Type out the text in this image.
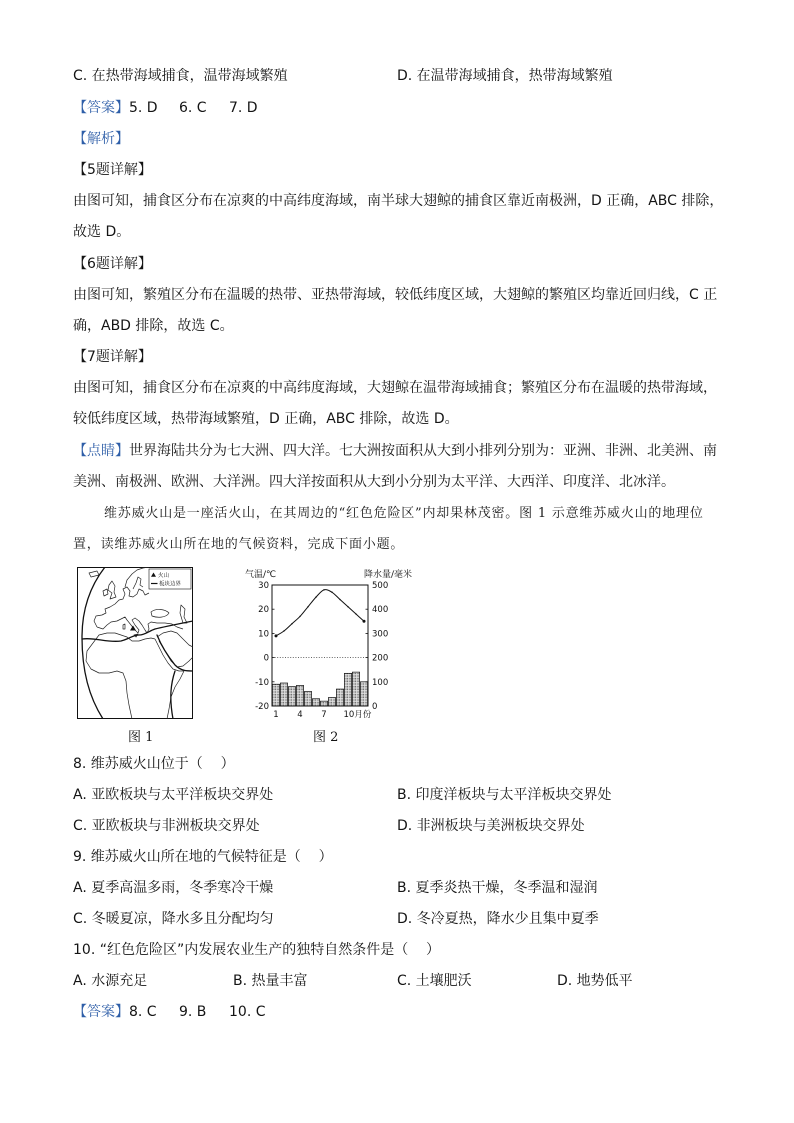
C. 在热带海域捕食，温带海域繁殖	D. 在温带海域捕食，热带海域繁殖
【答案】5. D 6. C 7. D
【解析】
【5题详解】
由图可知，捕食区分布在凉爽的中高纬度海域，南半球大翅鲸的捕食区靠近南极洲，D 正确，ABC 排除，
故选 D。
【6题详解】
由图可知，繁殖区分布在温暖的热带、亚热带海域，较低纬度区域，大翅鲸的繁殖区均靠近回归线，C 正
确，ABD 排除，故选 C。
【7题详解】
由图可知，捕食区分布在凉爽的中高纬度海域，大翅鲸在温带海域捕食；繁殖区分布在温暖的热带海域，
较低纬度区域，热带海域繁殖，D 正确，ABC 排除，故选 D。
【点睛】世界海陆共分为七大洲、四大洋。七大洲按面积从大到小排列分别为：亚洲、非洲、北美洲、南
美洲、南极洲、欧洲、大洋洲。四大洋按面积从大到小分别为太平洋、大西洋、印度洋、北冰洋。
维苏威火山是一座活火山，在其周边的“红色危险区”内却果林茂密。图 1 示意维苏威火山的地理位
置，读维苏威火山所在地的气候资料，完成下面小题。
火山
板块边界
气温/℃	降水量/毫米
30
20
10
0
-10
-20
500
400
300
200
100
0
1 4 7 10月份
图 1	图 2
8. 维苏威火山位于（    ）
A. 亚欧板块与太平洋板块交界处	B. 印度洋板块与太平洋板块交界处
C. 亚欧板块与非洲板块交界处	D. 非洲板块与美洲板块交界处
9. 维苏威火山所在地的气候特征是（    ）
A. 夏季高温多雨，冬季寒冷干燥	B. 夏季炎热干燥，冬季温和湿润
C. 冬暖夏凉，降水多且分配均匀	D. 冬冷夏热，降水少且集中夏季
10. “红色危险区”内发展农业生产的独特自然条件是（    ）
A. 水源充足	B. 热量丰富	C. 土壤肥沃	D. 地势低平
【答案】8. C 9. B 10. C
